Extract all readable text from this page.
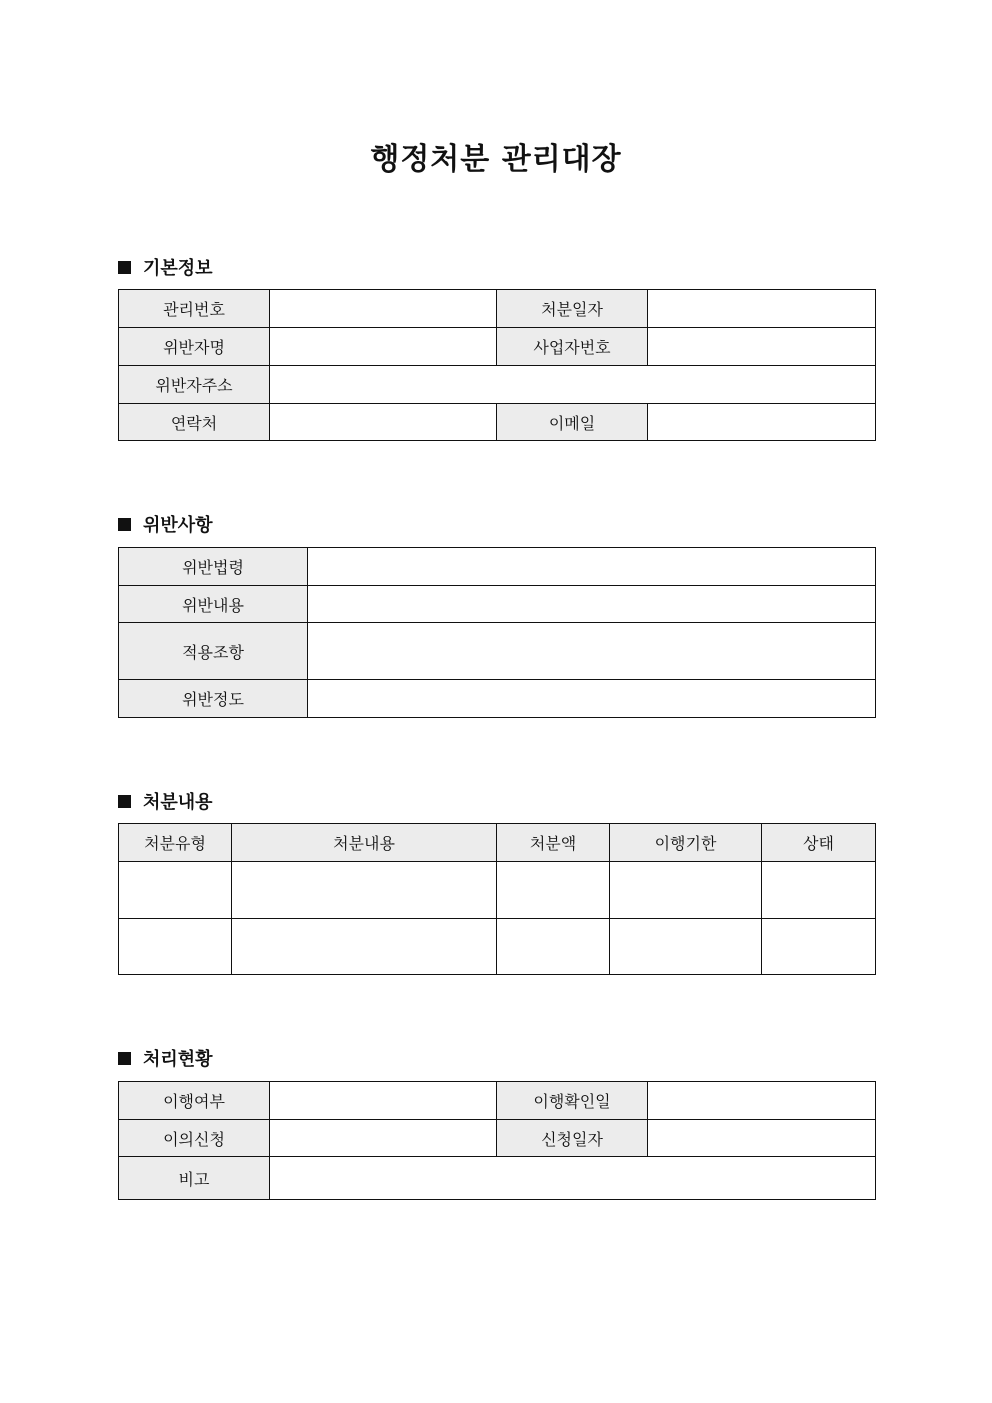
행정처분 관리대장
기본정보
관리번호		처분일자	
위반자명		사업자번호	
위반자주소			
연락처		이메일	
위반사항
위반법령	
위반내용	
적용조항	
위반정도	
처분내용
처분유형	처분내용	처분액	이행기한	상태

처리현황
이행여부		이행확인일	
이의신청		신청일자	
비고			
